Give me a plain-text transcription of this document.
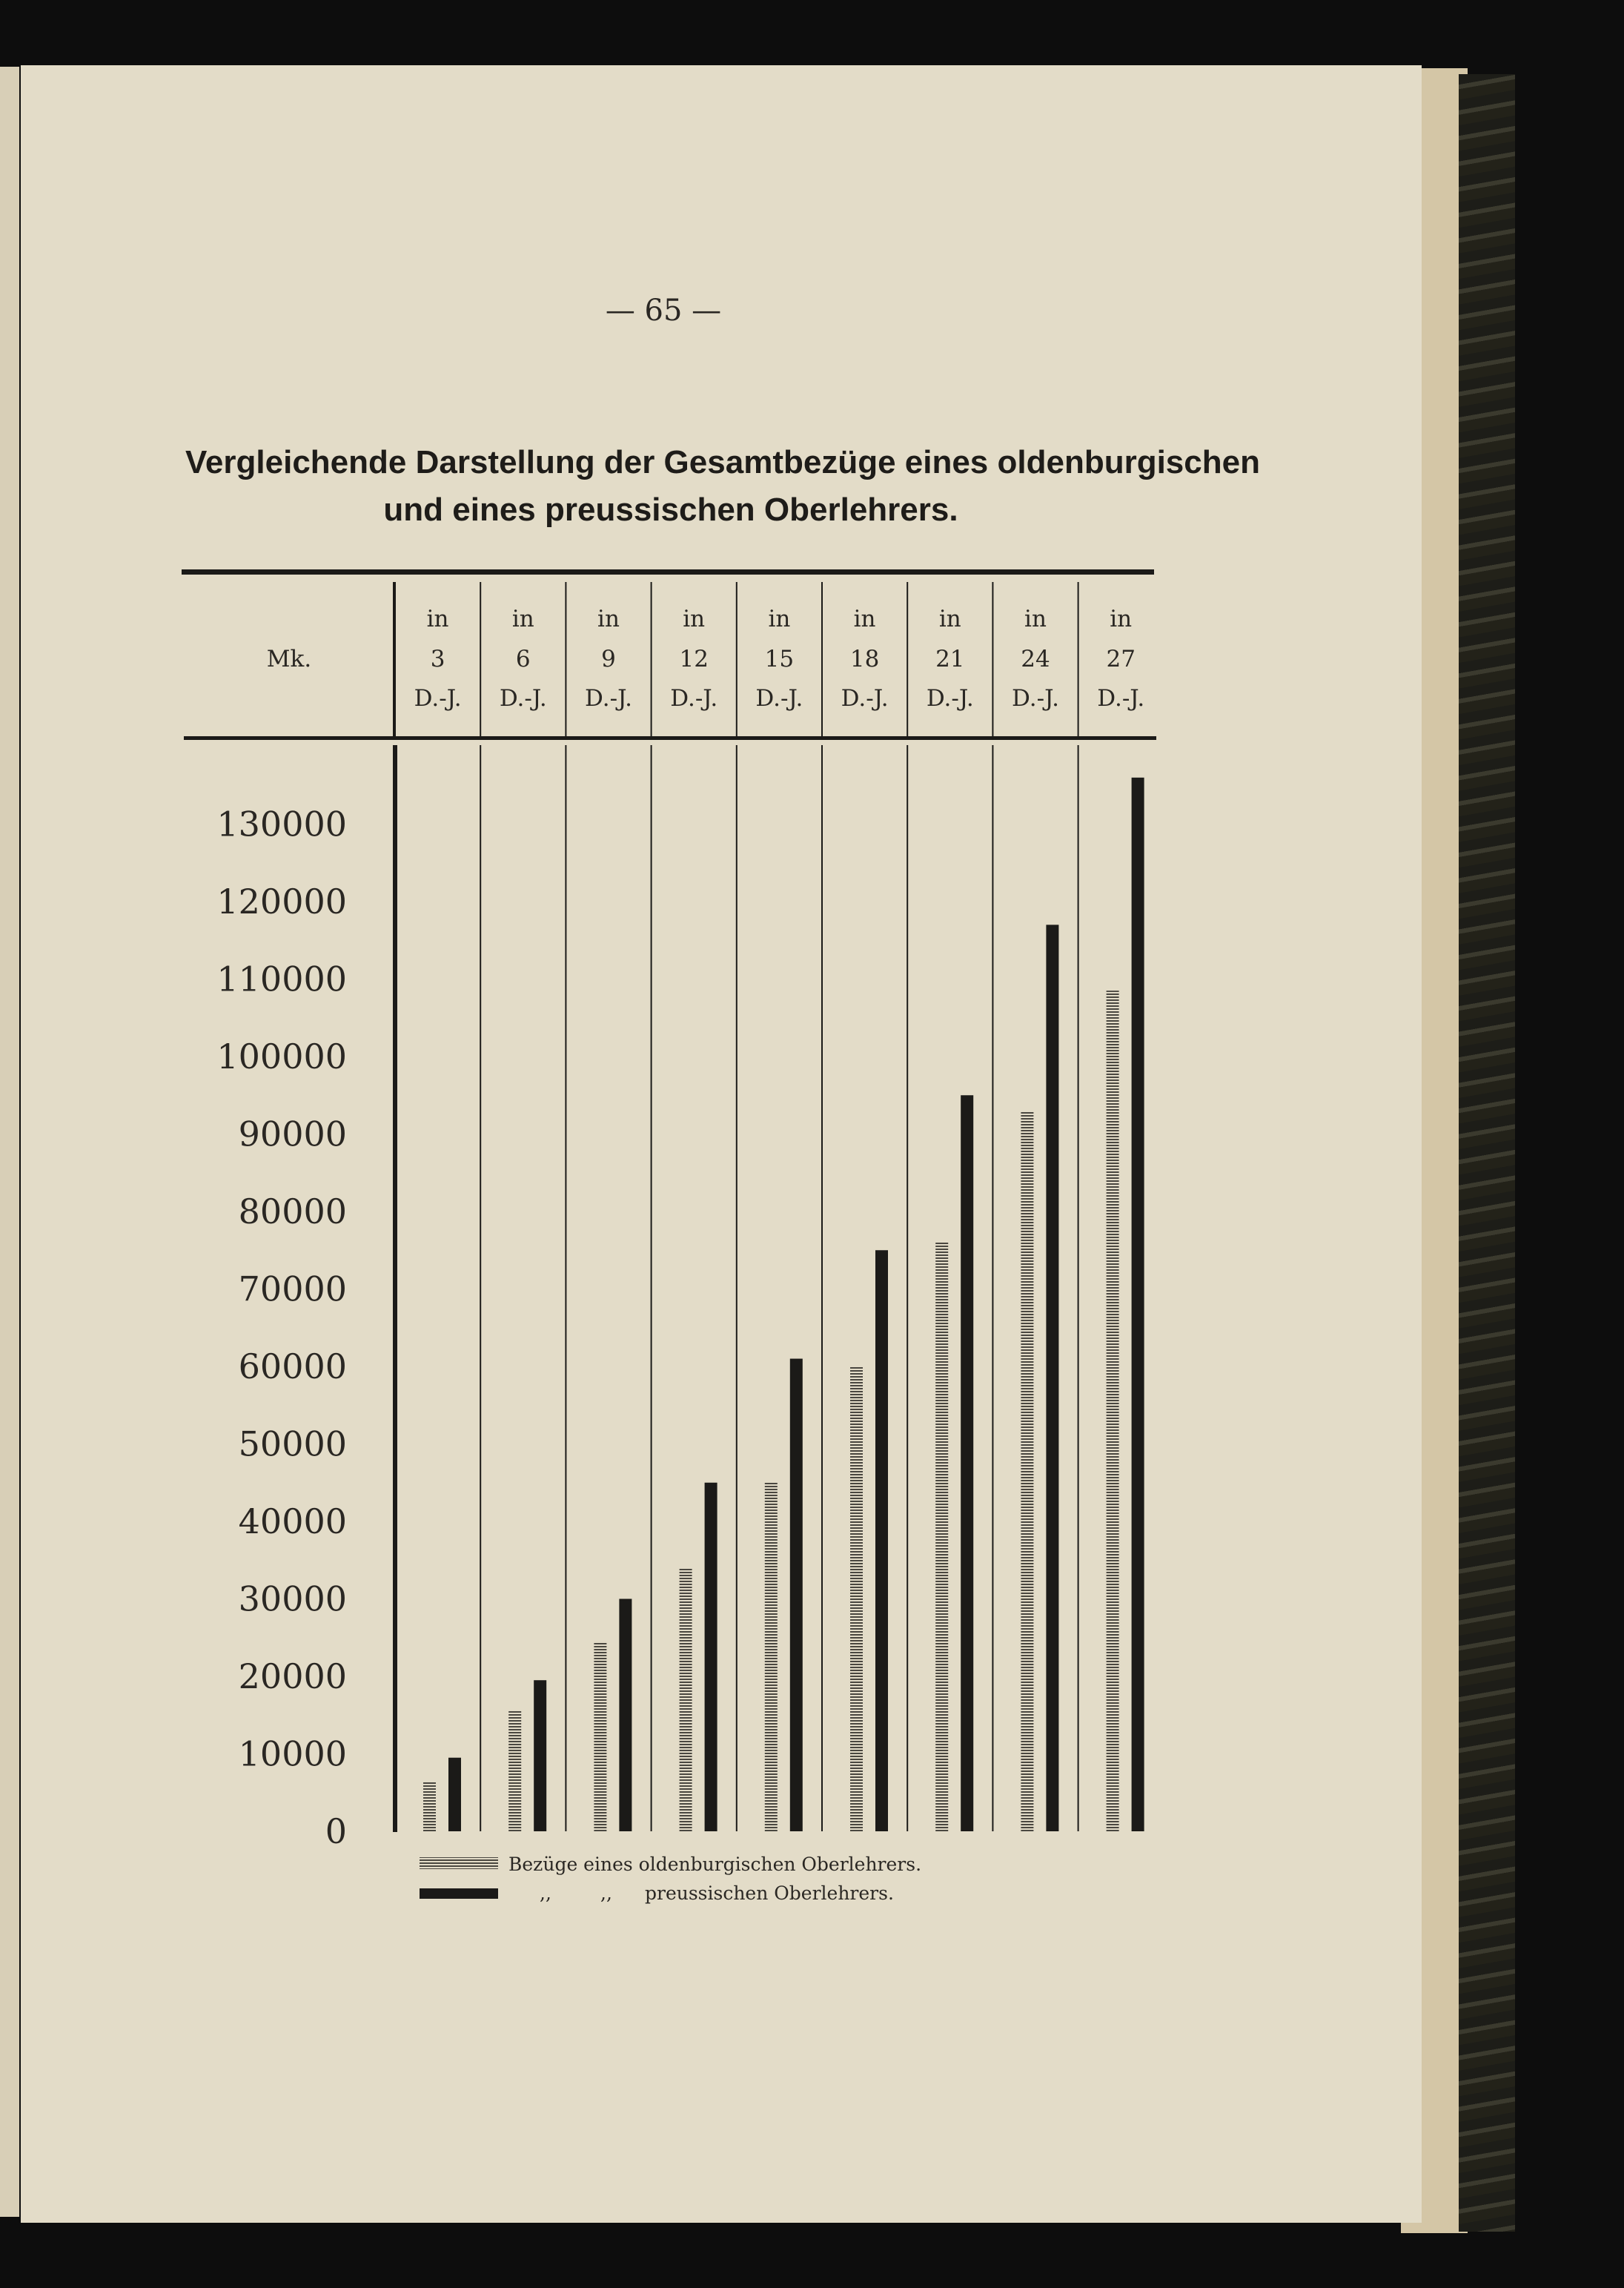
— 65 —
Vergleichende Darstellung der Gesamtbezüge eines oldenburgischen
und eines preussischen Oberlehrers.
Mk.
in
3
D.-J.
in
6
D.-J.
in
9
D.-J.
in
12
D.-J.
in
15
D.-J.
in
18
D.-J.
in
21
D.-J.
in
24
D.-J.
in
27
D.-J.
130000
120000
110000
100000
90000
80000
70000
60000
50000
40000
30000
20000
10000
0
Bezüge eines oldenburgischen Oberlehrers.
,,	,, preussischen Oberlehrers.
